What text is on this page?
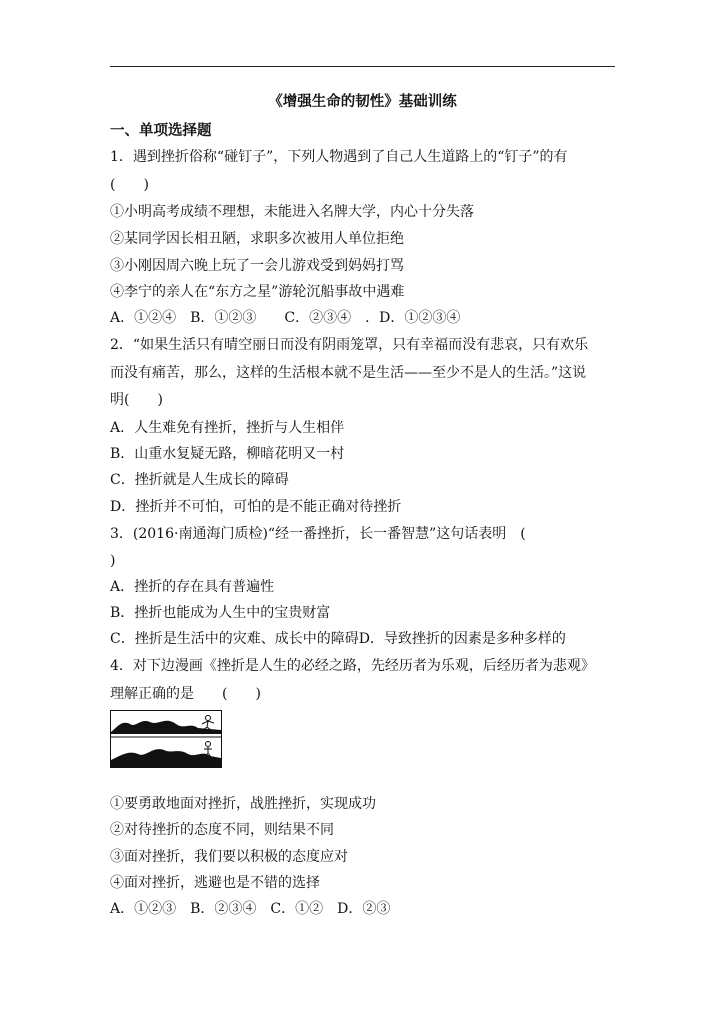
《增强生命的韧性》基础训练
一、单项选择题
1．遇到挫折俗称“碰钉子”，下列人物遇到了自己人生道路上的“钉子”的有
(　　)
①小明高考成绩不理想，未能进入名牌大学，内心十分失落
②某同学因长相丑陋，求职多次被用人单位拒绝
③小刚因周六晚上玩了一会儿游戏受到妈妈打骂
④李宁的亲人在“东方之星”游轮沉船事故中遇难
A．①②④　B．①②③　　C．②③④　．D．①②③④
2．“如果生活只有晴空丽日而没有阴雨笼罩，只有幸福而没有悲哀，只有欢乐
而没有痛苦，那么，这样的生活根本就不是生活——至少不是人的生活。”这说
明(　　)
A．人生难免有挫折，挫折与人生相伴
B．山重水复疑无路，柳暗花明又一村
C．挫折就是人生成长的障碍
D．挫折并不可怕，可怕的是不能正确对待挫折
3．(2016·南通海门质检)“经一番挫折，长一番智慧”这句话表明　(
)
A．挫折的存在具有普遍性
B．挫折也能成为人生中的宝贵财富
C．挫折是生活中的灾难、成长中的障碍D．导致挫折的因素是多种多样的
4．对下边漫画《挫折是人生的必经之路，先经历者为乐观，后经历者为悲观》
理解正确的是　　(　　)
①要勇敢地面对挫折，战胜挫折，实现成功
②对待挫折的态度不同，则结果不同
③面对挫折，我们要以积极的态度应对
④面对挫折，逃避也是不错的选择
A．①②③　B．②③④　C．①②　D．②③
